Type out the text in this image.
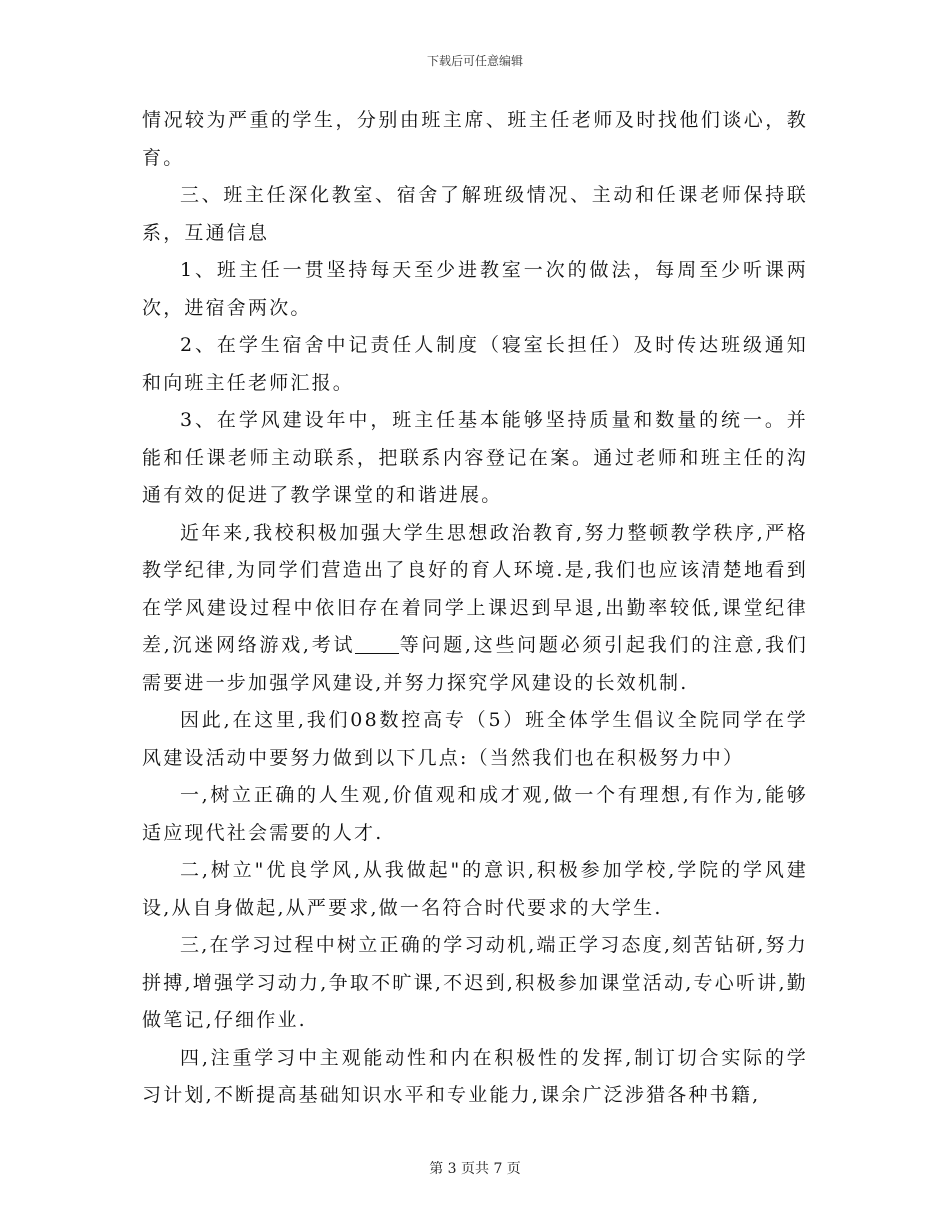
下载后可任意编辑

情况较为严重的学生，分别由班主席、班主任老师及时找他们谈心，教育。

三、班主任深化教室、宿舍了解班级情况、主动和任课老师保持联系，互通信息

1、班主任一贯坚持每天至少进教室一次的做法，每周至少听课两次，进宿舍两次。

2、在学生宿舍中记责任人制度（寝室长担任）及时传达班级通知和向班主任老师汇报。

3、在学风建设年中，班主任基本能够坚持质量和数量的统一。并能和任课老师主动联系，把联系内容登记在案。通过老师和班主任的沟通有效的促进了教学课堂的和谐进展。

近年来,我校积极加强大学生思想政治教育,努力整顿教学秩序,严格教学纪律,为同学们营造出了良好的育人环境.是,我们也应该清楚地看到在学风建设过程中依旧存在着同学上课迟到早退,出勤率较低,课堂纪律差,沉迷网络游戏,考试 等问题,这些问题必须引起我们的注意,我们需要进一步加强学风建设,并努力探究学风建设的长效机制.

因此,在这里,我们08数控高专（5）班全体学生倡议全院同学在学风建设活动中要努力做到以下几点:（当然我们也在积极努力中）

一,树立正确的人生观,价值观和成才观,做一个有理想,有作为,能够适应现代社会需要的人才.

二,树立"优良学风,从我做起"的意识,积极参加学校,学院的学风建设,从自身做起,从严要求,做一名符合时代要求的大学生.

三,在学习过程中树立正确的学习动机,端正学习态度,刻苦钻研,努力拼搏,增强学习动力,争取不旷课,不迟到,积极参加课堂活动,专心听讲,勤做笔记,仔细作业.

四,注重学习中主观能动性和内在积极性的发挥,制订切合实际的学习计划,不断提高基础知识水平和专业能力,课余广泛涉猎各种书籍,

第 3 页共 7 页
